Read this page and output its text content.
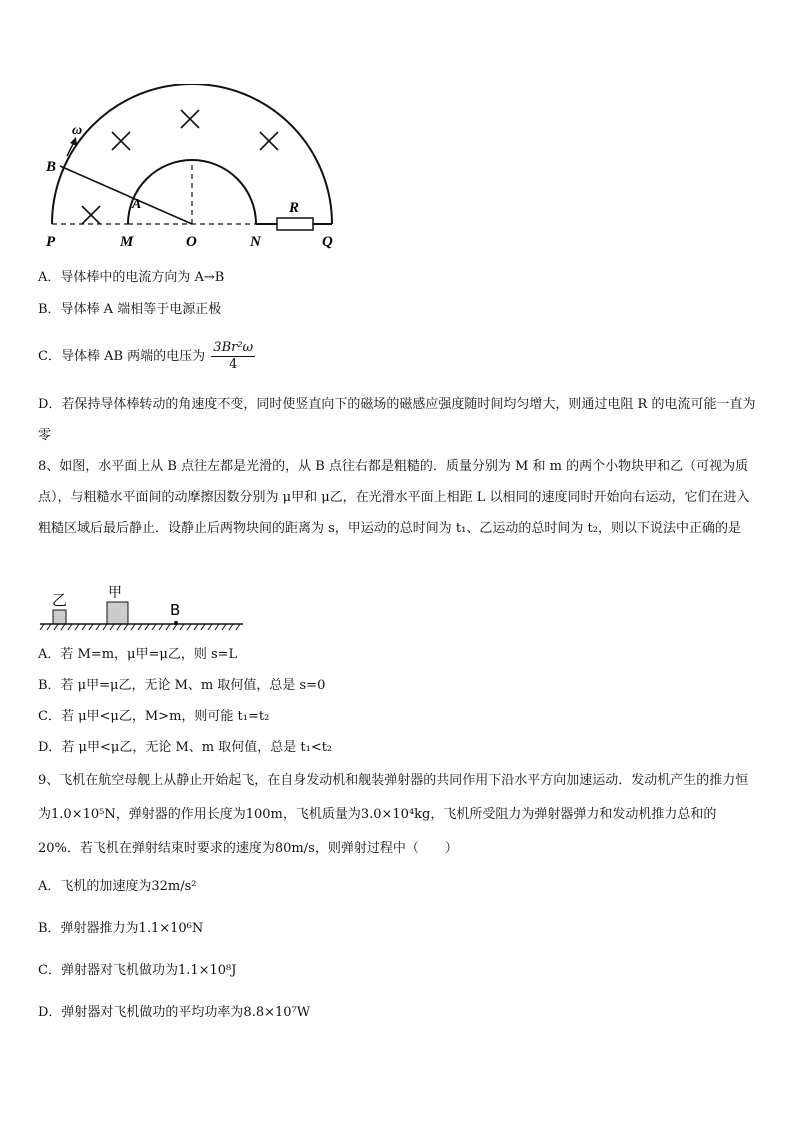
ω
B
A	R
P	M	O	N	Q
A．导体棒中的电流方向为 A→B
B．导体棒 A 端相等于电源正极
C．导体棒 AB 两端的电压为 $\frac{\text{3Br²ω}}{4}$
D．若保持导体棒转动的角速度不变，同时使竖直向下的磁场的磁感应强度随时间均匀增大，则通过电阻 R 的电流可能一直为零
8、如图，水平面上从 B 点往左都是光滑的，从 B 点往右都是粗糙的．质量分别为 M 和 m 的两个小物块甲和乙（可视为质点），与粗糙水平面间的动摩擦因数分别为 μ甲和 μ乙，在光滑水平面上相距 L 以相同的速度同时开始向右运动，它们在进入粗糙区域后最后静止．设静止后两物块间的距离为 s，甲运动的总时间为 t₁、乙运动的总时间为 t₂，则以下说法中正确的是
乙	甲
B
A．若 M=m，μ甲=μ乙，则 s=L
B．若 μ甲=μ乙，无论 M、m 取何值，总是 s=0
C．若 μ甲<μ乙，M>m，则可能 t₁=t₂
D．若 μ甲<μ乙，无论 M、m 取何值，总是 t₁<t₂
9、飞机在航空母舰上从静止开始起飞，在自身发动机和舰装弹射器的共同作用下沿水平方向加速运动．发动机产生的推力恒为1.0×10⁵N，弹射器的作用长度为100m，飞机质量为3.0×10⁴kg，飞机所受阻力为弹射器弹力和发动机推力总和的 20%．若飞机在弹射结束时要求的速度为80m/s，则弹射过程中（　　）
A．飞机的加速度为32m/s²
B．弹射器推力为1.1×10⁶N
C．弹射器对飞机做功为1.1×10⁸J
D．弹射器对飞机做功的平均功率为8.8×10⁷W
